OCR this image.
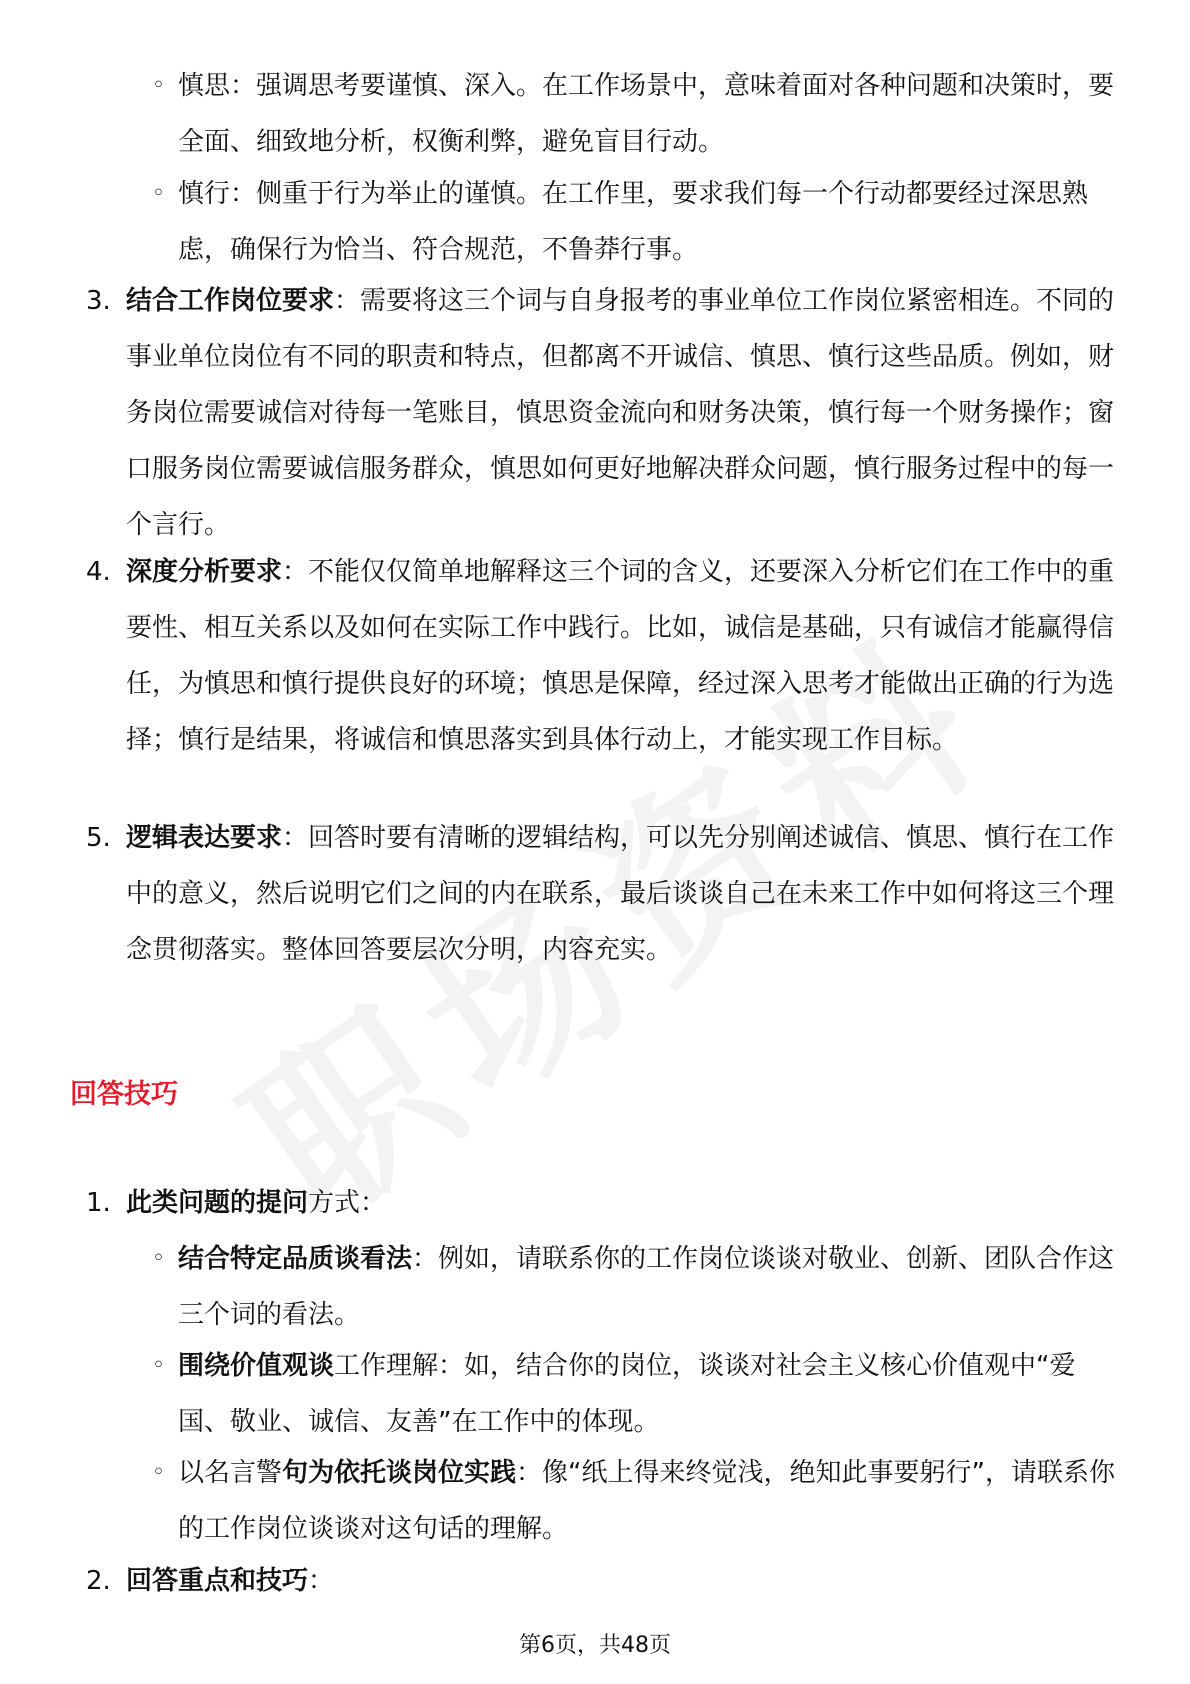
◦ 慎思：强调思考要谨慎、深入。在工作场景中，意味着面对各种问题和决策时，要全面、细致地分析，权衡利弊，避免盲目行动。
◦ 慎行：侧重于行为举止的谨慎。在工作里，要求我们每一个行动都要经过深思熟虑，确保行为恰当、符合规范，不鲁莽行事。
3. 结合工作岗位要求：需要将这三个词与自身报考的事业单位工作岗位紧密相连。不同的事业单位岗位有不同的职责和特点，但都离不开诚信、慎思、慎行这些品质。例如，财务岗位需要诚信对待每一笔账目，慎思资金流向和财务决策，慎行每一个财务操作；窗口服务岗位需要诚信服务群众，慎思如何更好地解决群众问题，慎行服务过程中的每一个言行。
4. 深度分析要求：不能仅仅简单地解释这三个词的含义，还要深入分析它们在工作中的重要性、相互关系以及如何在实际工作中践行。比如，诚信是基础，只有诚信才能赢得信任，为慎思和慎行提供良好的环境；慎思是保障，经过深入思考才能做出正确的行为选择；慎行是结果，将诚信和慎思落实到具体行动上，才能实现工作目标。
5. 逻辑表达要求：回答时要有清晰的逻辑结构，可以先分别阐述诚信、慎思、慎行在工作中的意义，然后说明它们之间的内在联系，最后谈谈自己在未来工作中如何将这三个理念贯彻落实。整体回答要层次分明，内容充实。
回答技巧
1. 此类问题的提问方式：
◦ 结合特定品质谈看法：例如，请联系你的工作岗位谈谈对敬业、创新、团队合作这三个词的看法。
◦ 围绕价值观谈工作理解：如，结合你的岗位，谈谈对社会主义核心价值观中“爱国、敬业、诚信、友善”在工作中的体现。
◦ 以名言警句为依托谈岗位实践：像“纸上得来终觉浅，绝知此事要躬行”，请联系你的工作岗位谈谈对这句话的理解。
2. 回答重点和技巧：
第6页，共48页
